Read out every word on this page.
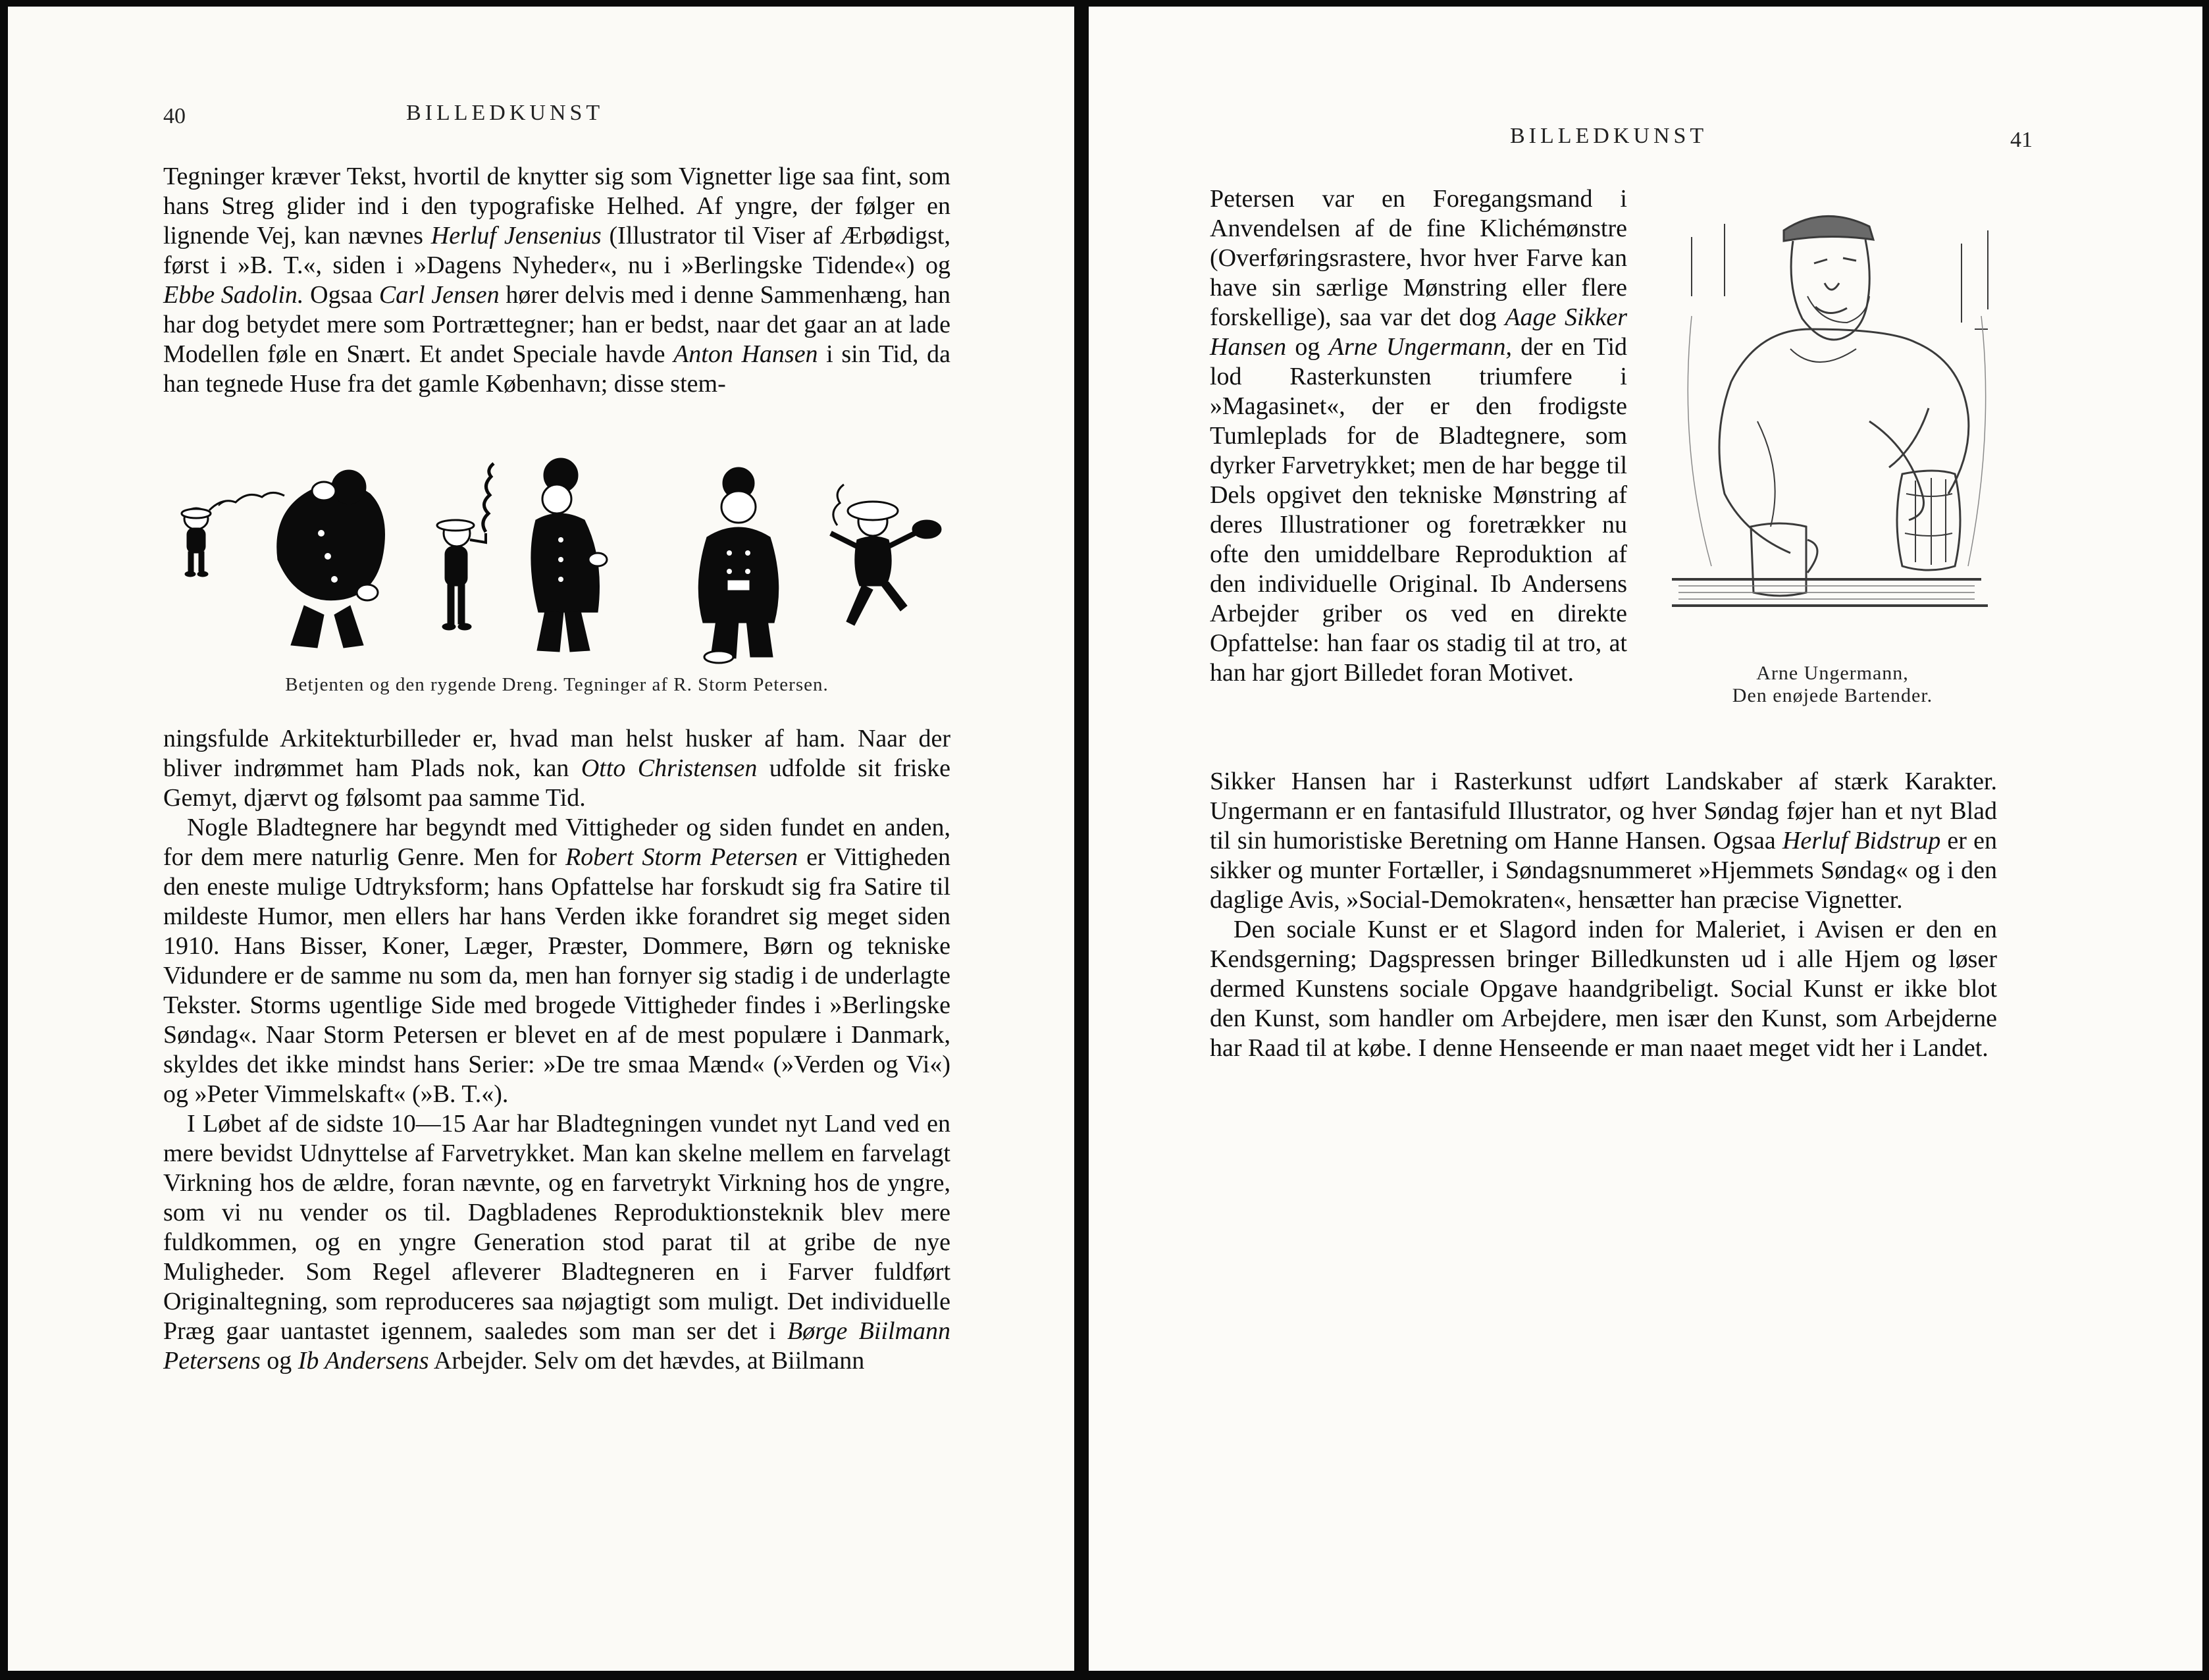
40	BILLEDKUNST

Tegninger kræver Tekst, hvortil de knytter sig som Vignetter lige saa fint, som hans Streg glider ind i den typografiske Helhed. Af yngre, der følger en lignende Vej, kan nævnes Herluf Jensenius (Illustrator til Viser af Ærbødigst, først i »B. T.«, siden i »Dagens Nyheder«, nu i »Berlingske Tidende«) og Ebbe Sadolin. Ogsaa Carl Jensen hører delvis med i denne Sammenhæng, han har dog betydet mere som Portrættegner; han er bedst, naar det gaar an at lade Modellen føle en Snært. Et andet Speciale havde Anton Hansen i sin Tid, da han tegnede Huse fra det gamle København; disse stem-

Betjenten og den rygende Dreng. Tegninger af R. Storm Petersen.

ningsfulde Arkitekturbilleder er, hvad man helst husker af ham. Naar der bliver indrømmet ham Plads nok, kan Otto Christensen udfolde sit friske Gemyt, djærvt og følsomt paa samme Tid.

Nogle Bladtegnere har begyndt med Vittigheder og siden fundet en anden, for dem mere naturlig Genre. Men for Robert Storm Petersen er Vittigheden den eneste mulige Udtryksform; hans Opfattelse har forskudt sig fra Satire til mildeste Humor, men ellers har hans Verden ikke forandret sig meget siden 1910. Hans Bisser, Koner, Læger, Præster, Dommere, Børn og tekniske Vidundere er de samme nu som da, men han fornyer sig stadig i de underlagte Tekster. Storms ugentlige Side med brogede Vittigheder findes i »Berlingske Søndag«. Naar Storm Petersen er blevet en af de mest populære i Danmark, skyldes det ikke mindst hans Serier: »De tre smaa Mænd« (»Verden og Vi«) og »Peter Vimmelskaft« (»B. T.«).

I Løbet af de sidste 10—15 Aar har Bladtegningen vundet nyt Land ved en mere bevidst Udnyttelse af Farvetrykket. Man kan skelne mellem en farvelagt Virkning hos de ældre, foran nævnte, og en farvetrykt Virkning hos de yngre, som vi nu vender os til. Dagbladenes Reproduktionsteknik blev mere fuldkommen, og en yngre Generation stod parat til at gribe de nye Muligheder. Som Regel afleverer Bladtegneren en i Farver fuldført Originaltegning, som reproduceres saa nøjagtigt som muligt. Det individuelle Præg gaar uantastet igennem, saaledes som man ser det i Børge Biilmann Petersens og Ib Andersens Arbejder. Selv om det hævdes, at Biilmann

BILLEDKUNST	41
Arne Ungermann,
Den enøjede Bartender.

Petersen var en Foregangsmand i Anvendelsen af de fine Klichémønstre (Overføringsrastere, hvor hver Farve kan have sin særlige Mønstring eller flere forskellige), saa var det dog Aage Sikker Hansen og Arne Ungermann, der en Tid lod Rasterkunsten triumfere i »Magasinet«, der er den frodigste Tumleplads for de Bladtegnere, som dyrker Farvetrykket; men de har begge til Dels opgivet den tekniske Mønstring af deres Illustrationer og foretrækker nu ofte den umiddelbare Reproduktion af den individuelle Original. Ib Andersens Arbejder griber os ved en direkte Opfattelse: han faar os stadig til at tro, at han har gjort Billedet foran Motivet.

Sikker Hansen har i Rasterkunst udført Landskaber af stærk Karakter. Ungermann er en fantasifuld Illustrator, og hver Søndag føjer han et nyt Blad til sin humoristiske Beretning om Hanne Hansen. Ogsaa Herluf Bidstrup er en sikker og munter Fortæller, i Søndagsnummeret »Hjemmets Søndag« og i den daglige Avis, »Social-Demokraten«, hensætter han præcise Vignetter.

Den sociale Kunst er et Slagord inden for Maleriet, i Avisen er den en Kendsgerning; Dagspressen bringer Billedkunsten ud i alle Hjem og løser dermed Kunstens sociale Opgave haandgribeligt. Social Kunst er ikke blot den Kunst, som handler om Arbejdere, men især den Kunst, som Arbejderne har Raad til at købe. I denne Henseende er man naaet meget vidt her i Landet.
